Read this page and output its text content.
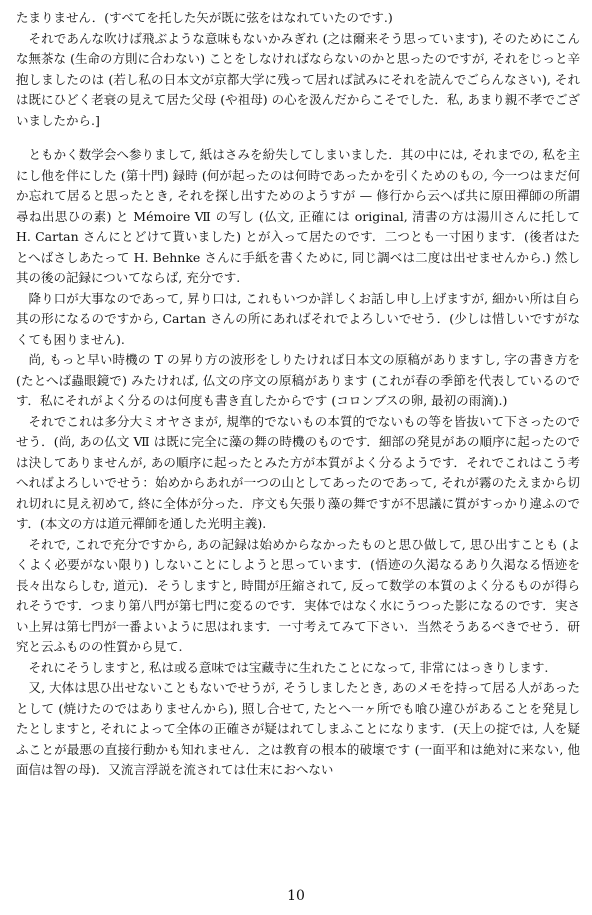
たまりません．(すべてを托した矢が既に弦をはなれていたのです.)

それであんな吹けば飛ぶような意味もないかみぎれ (之は爾来そう思っています), そのためにこんな無茶な (生命の方則に合わない) ことをしなければならないのかと思ったのですが, それをじっと辛抱しましたのは (若し私の日本文が京都大学に残って居れば試みにそれを読んでごらんなさい), それは既にひどく老衰の見えて居た父母 (や祖母) の心を汲んだからこそでした．私, あまり親不孝でございましたから.]

ともかく数学会へ参りまして, 紙はさみを紛失してしまいました．其の中には, それまでの, 私を主にし他を伴にした (第十門) 録時 (何が起ったのは何時であったかを引くためのもの, 今一つはまだ何か忘れて居ると思ったとき, それを探し出すためのようすが — 修行から云へば共に原田禪師の所謂尋ね出思ひの素) と Mémoire Ⅶ の写し (仏文, 正確には original, 清書の方は湯川さんに托して H. Cartan さんにとどけて貰いました) とが入って居たのです．二つとも一寸困ります．(後者はたとへばさしあたって H. Behnke さんに手紙を書くために, 同じ調べは二度は出せませんから.) 然し其の後の記録についてならば, 充分です.

降り口が大事なのであって, 昇り口は, これもいつか詳しくお話し申し上げますが, 細かい所は自ら其の形になるのですから, Cartan さんの所にあればそれでよろしいでせう．(少しは惜しいですがなくても困りません).

尚, もっと早い時機の T の昇り方の波形をしりたければ日本文の原稿がありますし, 字の書き方を (たとへば蟲眼鏡で) みたければ, 仏文の序文の原稿があります (これが春の季節を代表しているのです．私にそれがよく分るのは何度も書き直したからです (コロンブスの卵, 最初の雨滴).)

それでこれは多分大ミオヤさまが, 規準的でないもの本質的でないもの等を皆抜いて下さったのでせう．(尚, あの仏文 Ⅶ は既に完全に藻の舞の時機のものです．細部の発見があの順序に起ったのでは決してありませんが, あの順序に起ったとみた方が本質がよく分るようです．それでこれはこう考へればよろしいでせう：始めからあれが一つの山としてあったのであって, それが霧のたえまから切れ切れに見え初めて, 終に全体が分った．序文も矢張り藻の舞ですが不思議に質がすっかり違ふのです．(本文の方は道元禪師を通した光明主義).

それで, これで充分ですから, あの記録は始めからなかったものと思ひ做して, 思ひ出すことも (よくよく必要がない限り) しないことにしようと思っています．(悟迹の久渇なるあり久渇なる悟迹を長々出ならしむ, 道元)．そうしますと, 時間が圧縮されて, 反って数学の本質のよく分るものが得られそうです．つまり第八門が第七門に変るのです．実体ではなく水にうつった影になるのです．実さい上昇は第七門が一番よいように思はれます．一寸考えてみて下さい．当然そうあるべきでせう．研究と云ふものの性質から見て.

それにそうしますと, 私は或る意味では宝藏寺に生れたことになって, 非常にはっきりします.

又, 大体は思ひ出せないこともないでせうが, そうしましたとき, あのメモを持って居る人があったとして (焼けたのではありませんから), 照し合せて, たとへ一ヶ所でも喰ひ違ひがあることを発見したとしますと, それによって全体の正確さが疑はれてしまふことになります．(天上の掟では, 人を疑ふことが最悪の直接行動かも知れません．之は教育の根本的破壞です (一面平和は絶対に来ない, 他面信は智の母)．又流言浮説を流されては仕末におへない

10
